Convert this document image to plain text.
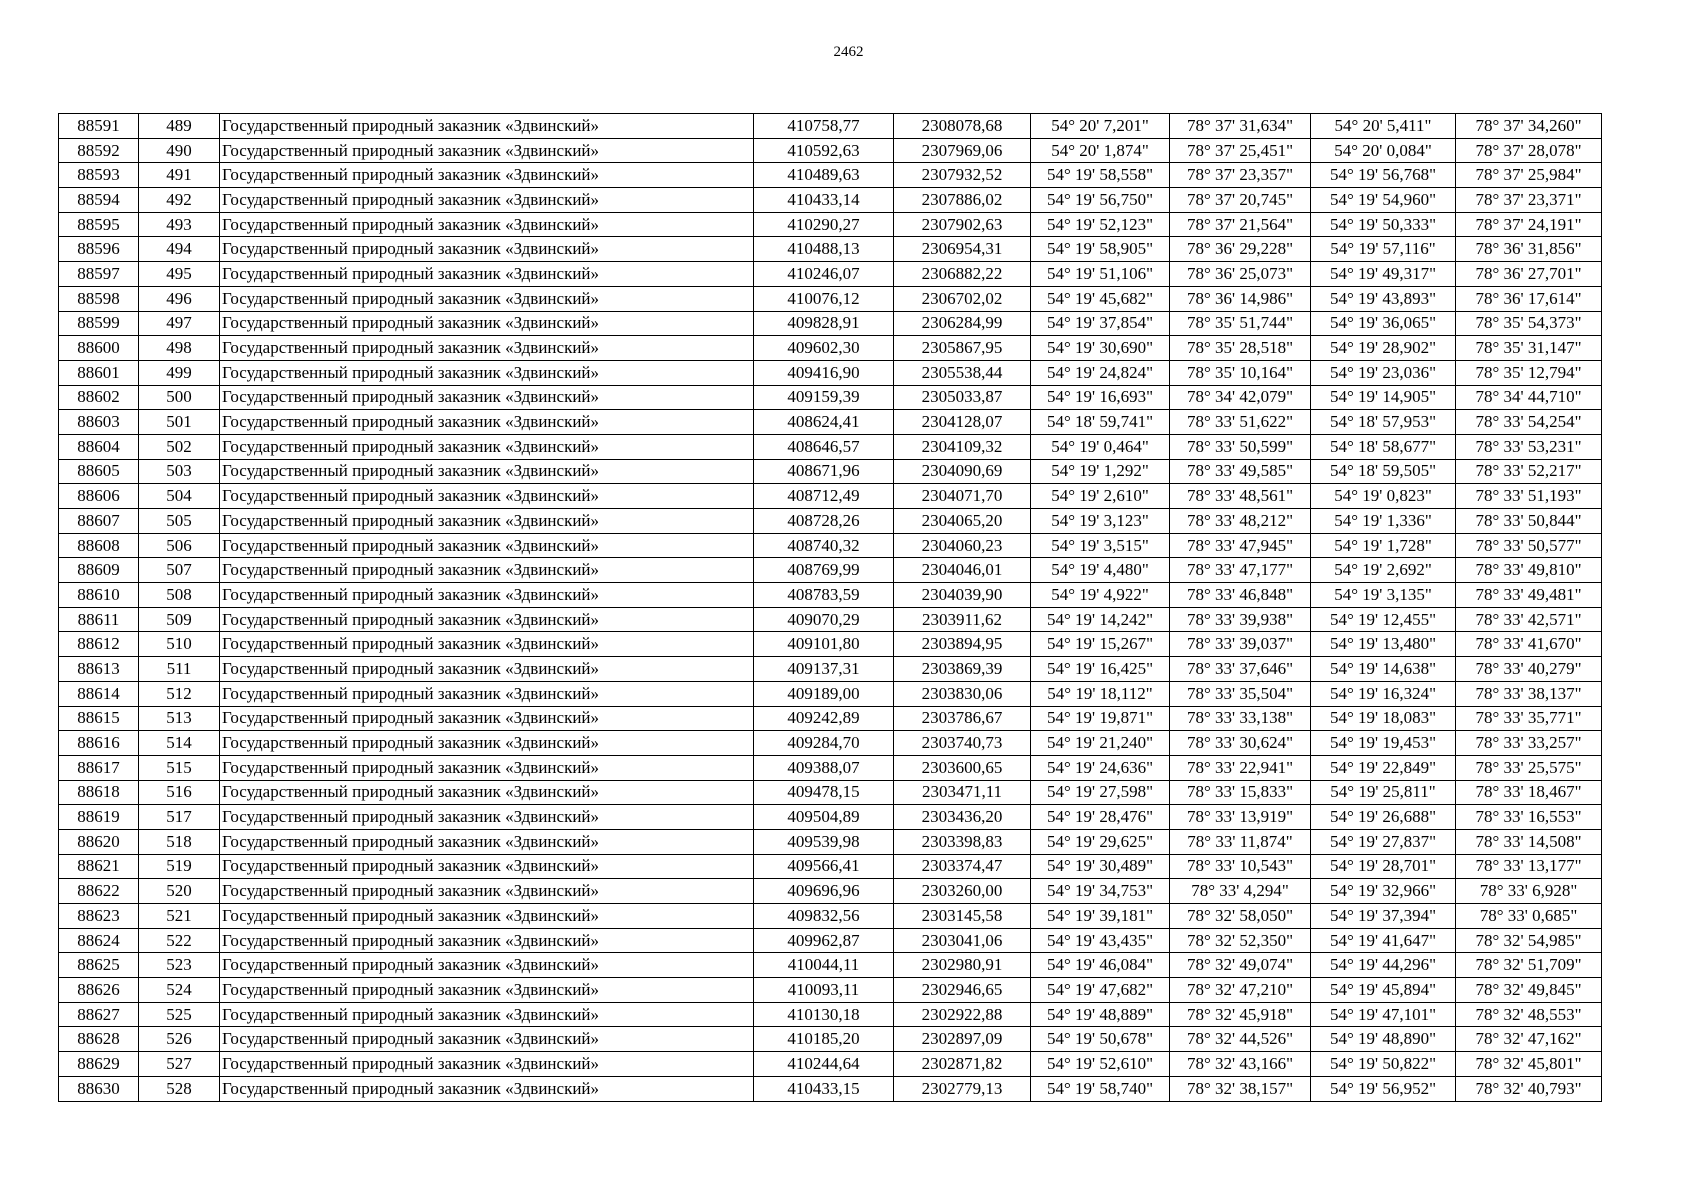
2462
88591	489	Государственный природный заказник «Здвинский»	410758,77	2308078,68	54° 20' 7,201"	78° 37' 31,634"	54° 20' 5,411"	78° 37' 34,260"
88592	490	Государственный природный заказник «Здвинский»	410592,63	2307969,06	54° 20' 1,874"	78° 37' 25,451"	54° 20' 0,084"	78° 37' 28,078"
88593	491	Государственный природный заказник «Здвинский»	410489,63	2307932,52	54° 19' 58,558"	78° 37' 23,357"	54° 19' 56,768"	78° 37' 25,984"
88594	492	Государственный природный заказник «Здвинский»	410433,14	2307886,02	54° 19' 56,750"	78° 37' 20,745"	54° 19' 54,960"	78° 37' 23,371"
88595	493	Государственный природный заказник «Здвинский»	410290,27	2307902,63	54° 19' 52,123"	78° 37' 21,564"	54° 19' 50,333"	78° 37' 24,191"
88596	494	Государственный природный заказник «Здвинский»	410488,13	2306954,31	54° 19' 58,905"	78° 36' 29,228"	54° 19' 57,116"	78° 36' 31,856"
88597	495	Государственный природный заказник «Здвинский»	410246,07	2306882,22	54° 19' 51,106"	78° 36' 25,073"	54° 19' 49,317"	78° 36' 27,701"
88598	496	Государственный природный заказник «Здвинский»	410076,12	2306702,02	54° 19' 45,682"	78° 36' 14,986"	54° 19' 43,893"	78° 36' 17,614"
88599	497	Государственный природный заказник «Здвинский»	409828,91	2306284,99	54° 19' 37,854"	78° 35' 51,744"	54° 19' 36,065"	78° 35' 54,373"
88600	498	Государственный природный заказник «Здвинский»	409602,30	2305867,95	54° 19' 30,690"	78° 35' 28,518"	54° 19' 28,902"	78° 35' 31,147"
88601	499	Государственный природный заказник «Здвинский»	409416,90	2305538,44	54° 19' 24,824"	78° 35' 10,164"	54° 19' 23,036"	78° 35' 12,794"
88602	500	Государственный природный заказник «Здвинский»	409159,39	2305033,87	54° 19' 16,693"	78° 34' 42,079"	54° 19' 14,905"	78° 34' 44,710"
88603	501	Государственный природный заказник «Здвинский»	408624,41	2304128,07	54° 18' 59,741"	78° 33' 51,622"	54° 18' 57,953"	78° 33' 54,254"
88604	502	Государственный природный заказник «Здвинский»	408646,57	2304109,32	54° 19' 0,464"	78° 33' 50,599"	54° 18' 58,677"	78° 33' 53,231"
88605	503	Государственный природный заказник «Здвинский»	408671,96	2304090,69	54° 19' 1,292"	78° 33' 49,585"	54° 18' 59,505"	78° 33' 52,217"
88606	504	Государственный природный заказник «Здвинский»	408712,49	2304071,70	54° 19' 2,610"	78° 33' 48,561"	54° 19' 0,823"	78° 33' 51,193"
88607	505	Государственный природный заказник «Здвинский»	408728,26	2304065,20	54° 19' 3,123"	78° 33' 48,212"	54° 19' 1,336"	78° 33' 50,844"
88608	506	Государственный природный заказник «Здвинский»	408740,32	2304060,23	54° 19' 3,515"	78° 33' 47,945"	54° 19' 1,728"	78° 33' 50,577"
88609	507	Государственный природный заказник «Здвинский»	408769,99	2304046,01	54° 19' 4,480"	78° 33' 47,177"	54° 19' 2,692"	78° 33' 49,810"
88610	508	Государственный природный заказник «Здвинский»	408783,59	2304039,90	54° 19' 4,922"	78° 33' 46,848"	54° 19' 3,135"	78° 33' 49,481"
88611	509	Государственный природный заказник «Здвинский»	409070,29	2303911,62	54° 19' 14,242"	78° 33' 39,938"	54° 19' 12,455"	78° 33' 42,571"
88612	510	Государственный природный заказник «Здвинский»	409101,80	2303894,95	54° 19' 15,267"	78° 33' 39,037"	54° 19' 13,480"	78° 33' 41,670"
88613	511	Государственный природный заказник «Здвинский»	409137,31	2303869,39	54° 19' 16,425"	78° 33' 37,646"	54° 19' 14,638"	78° 33' 40,279"
88614	512	Государственный природный заказник «Здвинский»	409189,00	2303830,06	54° 19' 18,112"	78° 33' 35,504"	54° 19' 16,324"	78° 33' 38,137"
88615	513	Государственный природный заказник «Здвинский»	409242,89	2303786,67	54° 19' 19,871"	78° 33' 33,138"	54° 19' 18,083"	78° 33' 35,771"
88616	514	Государственный природный заказник «Здвинский»	409284,70	2303740,73	54° 19' 21,240"	78° 33' 30,624"	54° 19' 19,453"	78° 33' 33,257"
88617	515	Государственный природный заказник «Здвинский»	409388,07	2303600,65	54° 19' 24,636"	78° 33' 22,941"	54° 19' 22,849"	78° 33' 25,575"
88618	516	Государственный природный заказник «Здвинский»	409478,15	2303471,11	54° 19' 27,598"	78° 33' 15,833"	54° 19' 25,811"	78° 33' 18,467"
88619	517	Государственный природный заказник «Здвинский»	409504,89	2303436,20	54° 19' 28,476"	78° 33' 13,919"	54° 19' 26,688"	78° 33' 16,553"
88620	518	Государственный природный заказник «Здвинский»	409539,98	2303398,83	54° 19' 29,625"	78° 33' 11,874"	54° 19' 27,837"	78° 33' 14,508"
88621	519	Государственный природный заказник «Здвинский»	409566,41	2303374,47	54° 19' 30,489"	78° 33' 10,543"	54° 19' 28,701"	78° 33' 13,177"
88622	520	Государственный природный заказник «Здвинский»	409696,96	2303260,00	54° 19' 34,753"	78° 33' 4,294"	54° 19' 32,966"	78° 33' 6,928"
88623	521	Государственный природный заказник «Здвинский»	409832,56	2303145,58	54° 19' 39,181"	78° 32' 58,050"	54° 19' 37,394"	78° 33' 0,685"
88624	522	Государственный природный заказник «Здвинский»	409962,87	2303041,06	54° 19' 43,435"	78° 32' 52,350"	54° 19' 41,647"	78° 32' 54,985"
88625	523	Государственный природный заказник «Здвинский»	410044,11	2302980,91	54° 19' 46,084"	78° 32' 49,074"	54° 19' 44,296"	78° 32' 51,709"
88626	524	Государственный природный заказник «Здвинский»	410093,11	2302946,65	54° 19' 47,682"	78° 32' 47,210"	54° 19' 45,894"	78° 32' 49,845"
88627	525	Государственный природный заказник «Здвинский»	410130,18	2302922,88	54° 19' 48,889"	78° 32' 45,918"	54° 19' 47,101"	78° 32' 48,553"
88628	526	Государственный природный заказник «Здвинский»	410185,20	2302897,09	54° 19' 50,678"	78° 32' 44,526"	54° 19' 48,890"	78° 32' 47,162"
88629	527	Государственный природный заказник «Здвинский»	410244,64	2302871,82	54° 19' 52,610"	78° 32' 43,166"	54° 19' 50,822"	78° 32' 45,801"
88630	528	Государственный природный заказник «Здвинский»	410433,15	2302779,13	54° 19' 58,740"	78° 32' 38,157"	54° 19' 56,952"	78° 32' 40,793"
